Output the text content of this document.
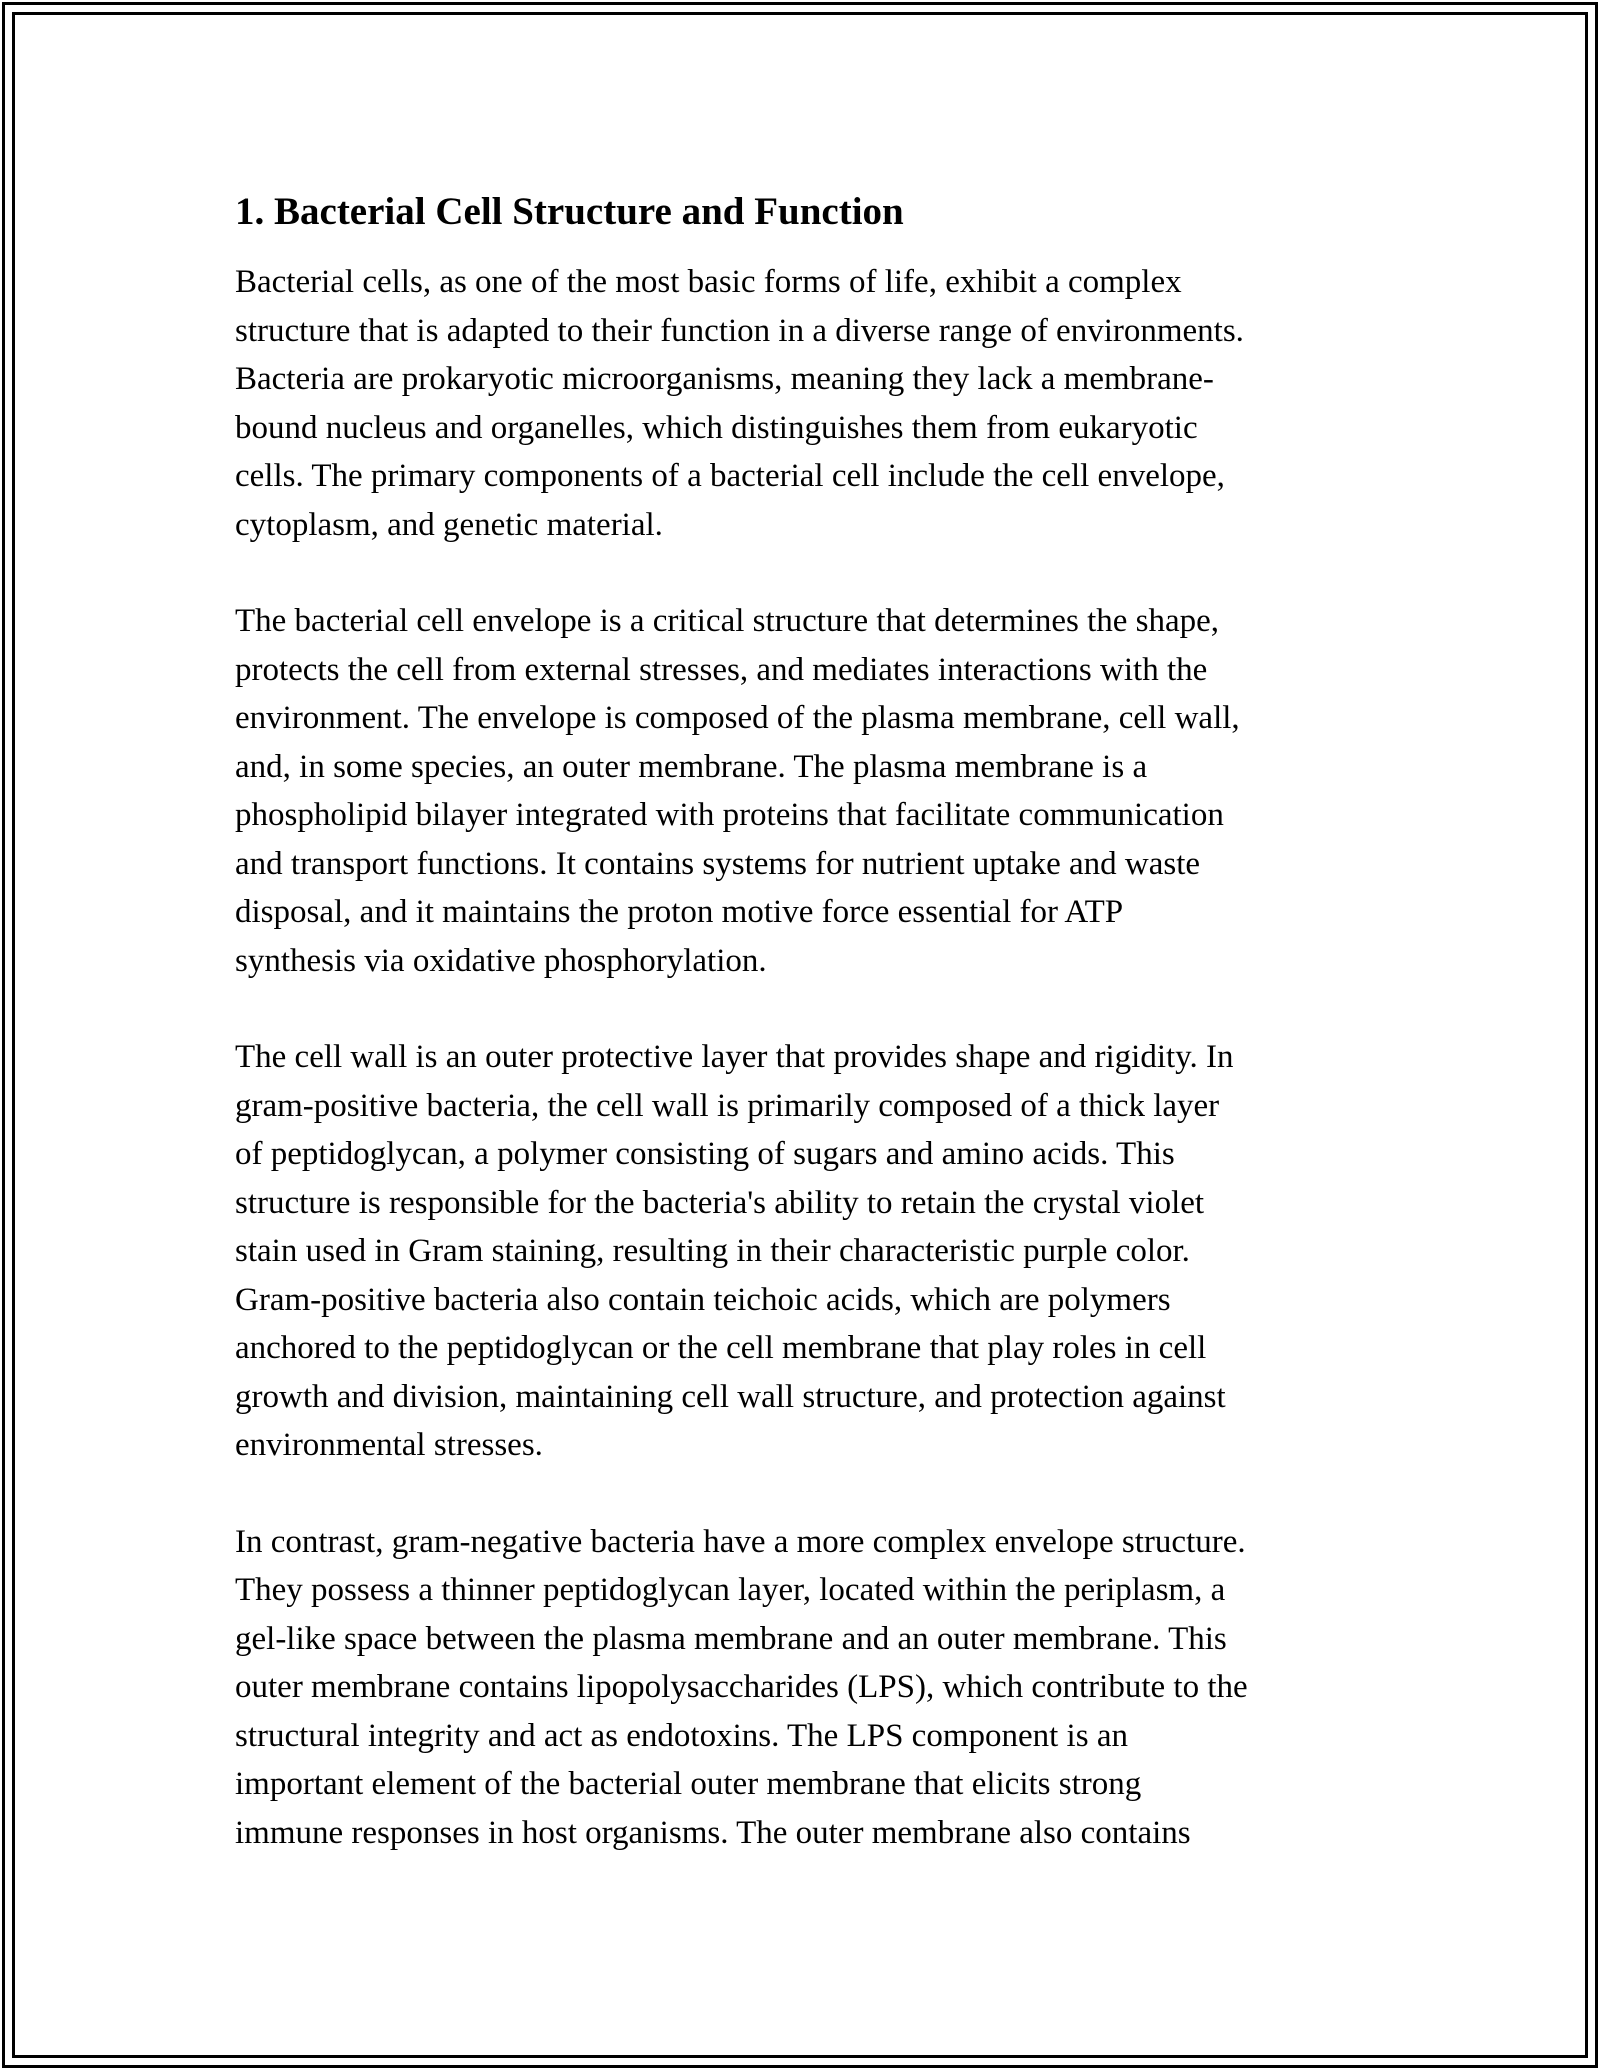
1. Bacterial Cell Structure and Function

Bacterial cells, as one of the most basic forms of life, exhibit a complex
structure that is adapted to their function in a diverse range of environments.
Bacteria are prokaryotic microorganisms, meaning they lack a membrane-
bound nucleus and organelles, which distinguishes them from eukaryotic
cells. The primary components of a bacterial cell include the cell envelope,
cytoplasm, and genetic material.

The bacterial cell envelope is a critical structure that determines the shape,
protects the cell from external stresses, and mediates interactions with the
environment. The envelope is composed of the plasma membrane, cell wall,
and, in some species, an outer membrane. The plasma membrane is a
phospholipid bilayer integrated with proteins that facilitate communication
and transport functions. It contains systems for nutrient uptake and waste
disposal, and it maintains the proton motive force essential for ATP
synthesis via oxidative phosphorylation.

The cell wall is an outer protective layer that provides shape and rigidity. In
gram-positive bacteria, the cell wall is primarily composed of a thick layer
of peptidoglycan, a polymer consisting of sugars and amino acids. This
structure is responsible for the bacteria's ability to retain the crystal violet
stain used in Gram staining, resulting in their characteristic purple color.
Gram-positive bacteria also contain teichoic acids, which are polymers
anchored to the peptidoglycan or the cell membrane that play roles in cell
growth and division, maintaining cell wall structure, and protection against
environmental stresses.

In contrast, gram-negative bacteria have a more complex envelope structure.
They possess a thinner peptidoglycan layer, located within the periplasm, a
gel-like space between the plasma membrane and an outer membrane. This
outer membrane contains lipopolysaccharides (LPS), which contribute to the
structural integrity and act as endotoxins. The LPS component is an
important element of the bacterial outer membrane that elicits strong
immune responses in host organisms. The outer membrane also contains
